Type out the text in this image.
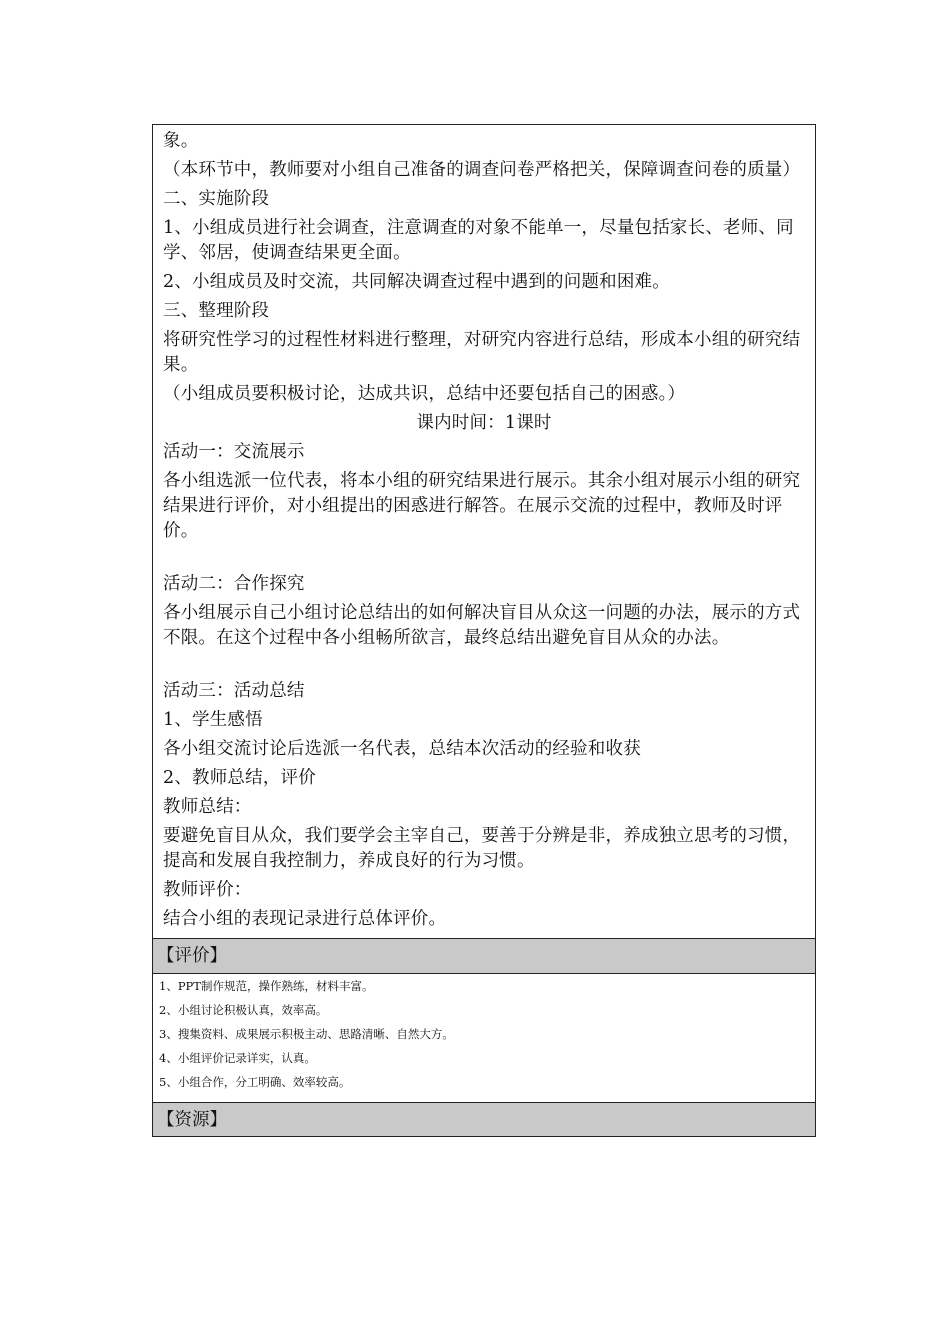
象。

（本环节中，教师要对小组自己准备的调查问卷严格把关，保障调查问卷的质量）

二、实施阶段

1、小组成员进行社会调查，注意调查的对象不能单一，尽量包括家长、老师、同学、邻居，使调查结果更全面。

2、小组成员及时交流，共同解决调查过程中遇到的问题和困难。

三、整理阶段

将研究性学习的过程性材料进行整理，对研究内容进行总结，形成本小组的研究结果。

（小组成员要积极讨论，达成共识，总结中还要包括自己的困惑。）

课内时间：1课时

活动一：交流展示

各小组选派一位代表，将本小组的研究结果进行展示。其余小组对展示小组的研究结果进行评价，对小组提出的困惑进行解答。在展示交流的过程中，教师及时评价。

活动二：合作探究

各小组展示自己小组讨论总结出的如何解决盲目从众这一问题的办法，展示的方式不限。在这个过程中各小组畅所欲言，最终总结出避免盲目从众的办法。

活动三：活动总结

1、学生感悟

各小组交流讨论后选派一名代表，总结本次活动的经验和收获

2、教师总结，评价

教师总结：

要避免盲目从众，我们要学会主宰自己，要善于分辨是非，养成独立思考的习惯，提高和发展自我控制力，养成良好的行为习惯。

教师评价：

结合小组的表现记录进行总体评价。

【评价】

1、PPT制作规范，操作熟练，材料丰富。

2、小组讨论积极认真，效率高。

3、搜集资料、成果展示积极主动、思路清晰、自然大方。

4、小组评价记录详实，认真。

5、小组合作，分工明确、效率较高。

【资源】
